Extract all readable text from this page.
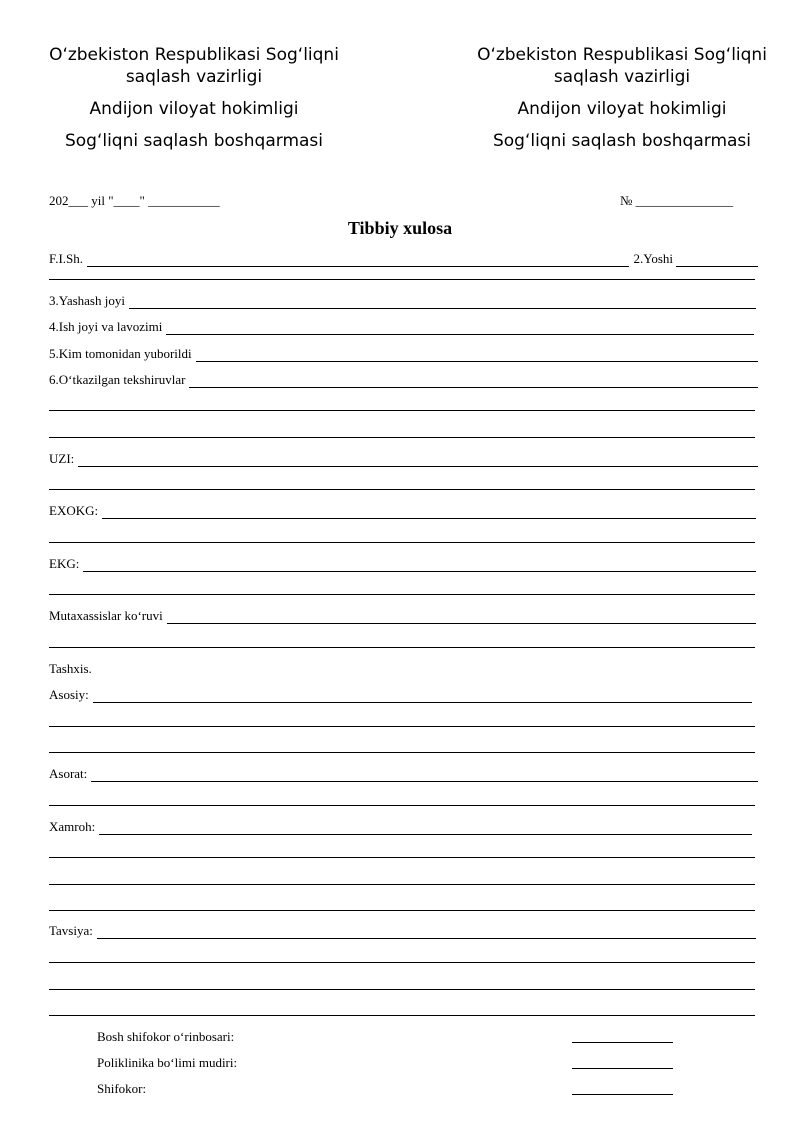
O‘zbekiston Respublikasi Sog‘liqni
saqlash vazirligi
Andijon viloyat hokimligi
Sog‘liqni saqlash boshqarmasi
O‘zbekiston Respublikasi Sog‘liqni
saqlash vazirligi
Andijon viloyat hokimligi
Sog‘liqni saqlash boshqarmasi
202___ yil "____" ___________	№ _______________
Tibbiy xulosa
F.I.Sh.	2.Yoshi
3.Yashash joyi
4.Ish joyi va lavozimi
5.Kim tomonidan yuborildi
6.O‘tkazilgan tekshiruvlar
UZI:
EXOKG:
EKG:
Mutaxassislar ko‘ruvi
Tashxis.
Asosiy:
Asorat:
Xamroh:
Tavsiya:
Bosh shifokor o‘rinbosari:
Poliklinika bo‘limi mudiri:
Shifokor:
